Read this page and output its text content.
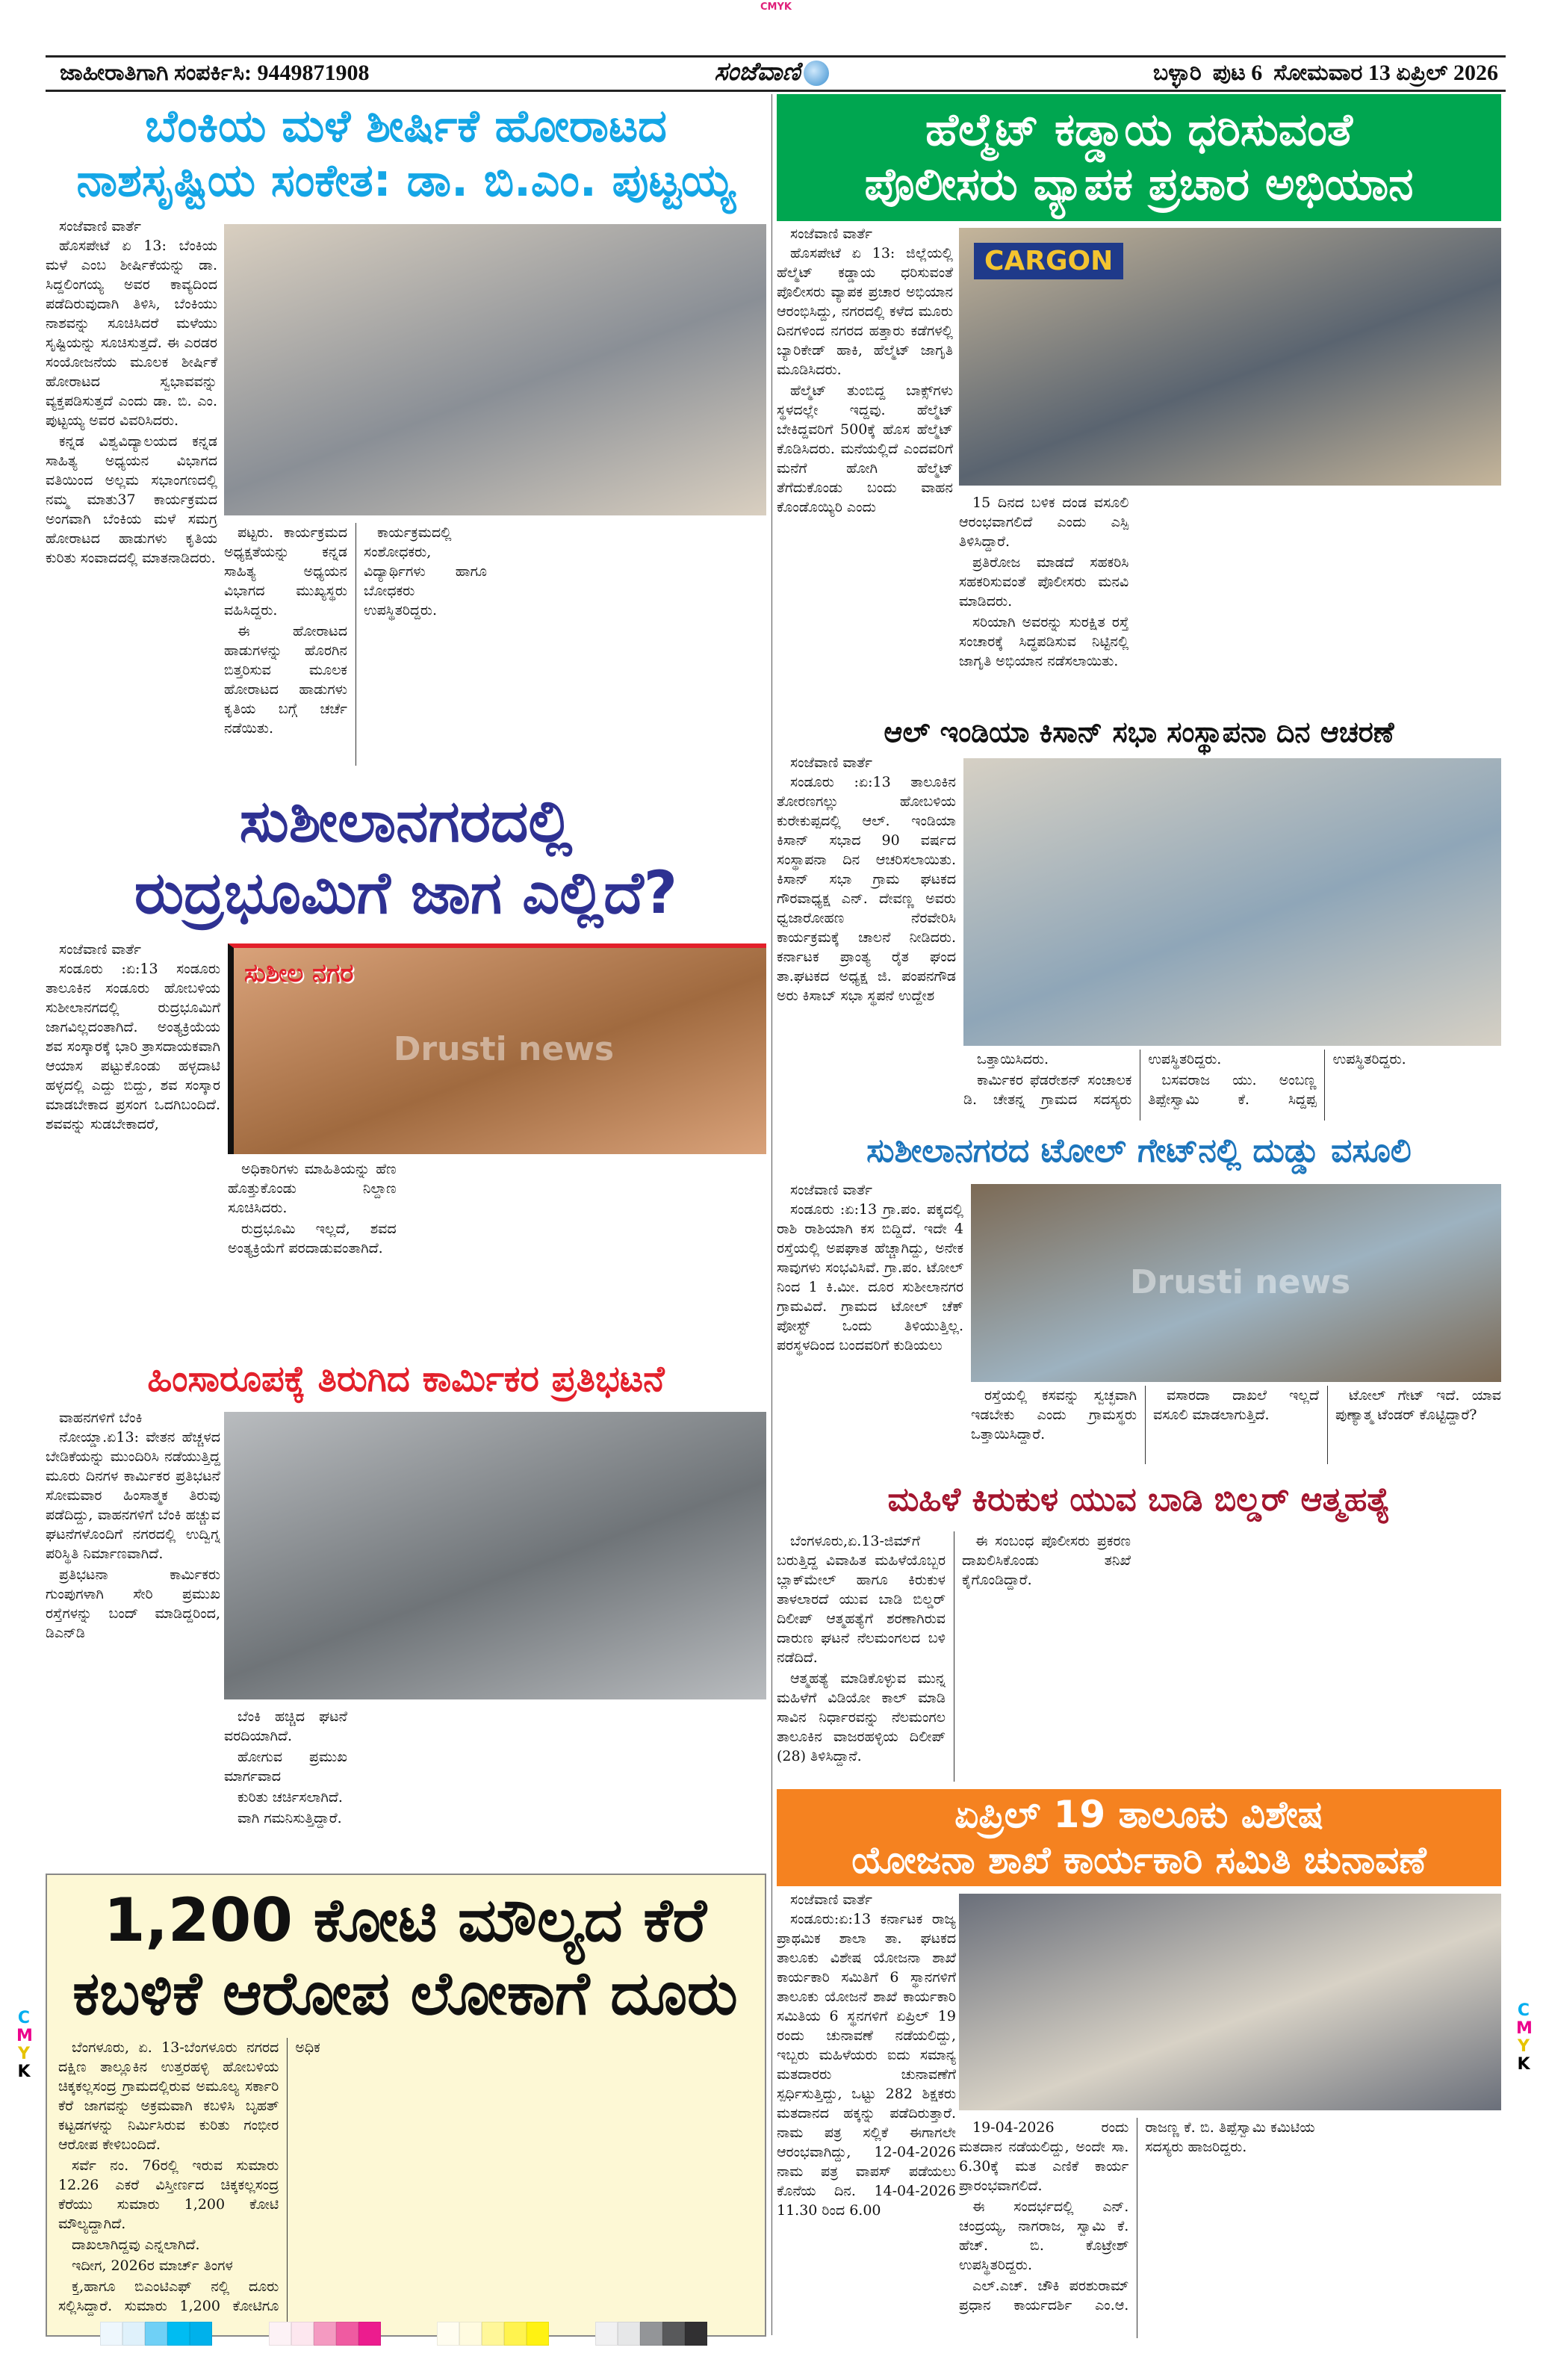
CMYK
C
M
Y
K
C
M
Y
K
ಜಾಹೀರಾತಿಗಾಗಿ ಸಂಪರ್ಕಿಸಿ: 9449871908	ಸಂಜೆವಾಣಿ	ಬಳ್ಳಾರಿ ಪುಟ 6 ಸೋಮವಾರ 13 ಏಪ್ರಿಲ್ 2026
ಬೆಂಕಿಯ ಮಳೆ ಶೀರ್ಷಿಕೆ ಹೋರಾಟದ
ನಾಶಸೃಷ್ಟಿಯ ಸಂಕೇತ: ಡಾ. ಬಿ.ಎಂ. ಪುಟ್ಟಯ್ಯ
ಸಂಜೆವಾಣಿ ವಾರ್ತೆ

ಹೊಸಪೇಟೆ ಏ 13: ಬೆಂಕಿಯ ಮಳೆ ಎಂಬ ಶೀರ್ಷಿಕೆಯನ್ನು ಡಾ. ಸಿದ್ದಲಿಂಗಯ್ಯ ಅವರ ಕಾವ್ಯದಿಂದ ಪಡೆದಿರುವುದಾಗಿ ತಿಳಿಸಿ, ಬೆಂಕಿಯು ನಾಶವನ್ನು ಸೂಚಿಸಿದರೆ ಮಳೆಯು ಸೃಷ್ಟಿಯನ್ನು ಸೂಚಿಸುತ್ತದೆ. ಈ ಎರಡರ ಸಂಯೋಜನೆಯ ಮೂಲಕ ಶೀರ್ಷಿಕೆ ಹೋರಾಟದ ಸ್ವಭಾವವನ್ನು ವ್ಯಕ್ತಪಡಿಸುತ್ತದೆ ಎಂದು ಡಾ. ಬಿ. ಎಂ. ಪುಟ್ಟಯ್ಯ ಅವರ ವಿವರಿಸಿದರು.

ಕನ್ನಡ ವಿಶ್ವವಿದ್ಯಾಲಯದ ಕನ್ನಡ ಸಾಹಿತ್ಯ ಅಧ್ಯಯನ ವಿಭಾಗದ ವತಿಯಿಂದ ಅಲ್ಲಮ ಸಭಾಂಗಣದಲ್ಲಿ ನಮ್ಮ ಮಾತು37 ಕಾರ್ಯಕ್ರಮದ ಅಂಗವಾಗಿ ಬೆಂಕಿಯ ಮಳೆ ಸಮಗ್ರ ಹೋರಾಟದ ಹಾಡುಗಳು ಕೃತಿಯ ಕುರಿತು ಸಂವಾದದಲ್ಲಿ ಮಾತನಾಡಿದರು.

ಪಟ್ಟರು. ಕಾರ್ಯಕ್ರಮದ ಅಧ್ಯಕ್ಷತೆಯನ್ನು ಕನ್ನಡ ಸಾಹಿತ್ಯ ಅಧ್ಯಯನ ವಿಭಾಗದ ಮುಖ್ಯಸ್ಥರು ವಹಿಸಿದ್ದರು.

ಈ ಹೋರಾಟದ ಹಾಡುಗಳನ್ನು ಹೊರಗಿನ ಬಿತ್ತರಿಸುವ ಮೂಲಕ ಹೋರಾಟದ ಹಾಡುಗಳು ಕೃತಿಯ ಬಗ್ಗೆ ಚರ್ಚೆ ನಡೆಯಿತು.

ಕಾರ್ಯಕ್ರಮದಲ್ಲಿ ಸಂಶೋಧಕರು, ವಿದ್ಯಾರ್ಥಿಗಳು ಹಾಗೂ ಬೋಧಕರು ಉಪಸ್ಥಿತರಿದ್ದರು.

ಸುಶೀಲಾನಗರದಲ್ಲಿ
ರುದ್ರಭೂಮಿಗೆ ಜಾಗ ಎಲ್ಲಿದೆ?
ಸುಶೀಲ ನಗರ
Drusti news
ಸಂಜೆವಾಣಿ ವಾರ್ತೆ

ಸಂಡೂರು :ಏ:13 ಸಂಡೂರು ತಾಲೂಕಿನ ಸಂಡೂರು ಹೋಬಳಿಯ ಸುಶೀಲಾನಗದಲ್ಲಿ ರುದ್ರಭೂಮಿಗೆ ಜಾಗವಿಲ್ಲದಂತಾಗಿದೆ. ಅಂತ್ಯಕ್ರಿಯೆಯ ಶವ ಸಂಸ್ಕಾರಕ್ಕೆ ಭಾರಿ ತ್ರಾಸದಾಯಕವಾಗಿ ಆಯಾಸ ಪಟ್ಟುಕೊಂಡು ಹಳ್ಳದಾಟಿ ಹಳ್ಳದಲ್ಲಿ ಎದ್ದು ಬಿದ್ದು, ಶವ ಸಂಸ್ಕಾರ ಮಾಡಬೇಕಾದ ಪ್ರಸಂಗ ಒದಗಿಬಂದಿದೆ. ಶವವನ್ನು ಸುಡಬೇಕಾದರೆ,

ಅಧಿಕಾರಿಗಳು ಮಾಹಿತಿಯನ್ನು ಹೆಣ ಹೊತ್ತುಕೊಂಡು ನಿಲ್ದಾಣ ಸೂಚಿಸಿದರು.

ರುದ್ರಭೂಮಿ ಇಲ್ಲದೆ, ಶವದ ಅಂತ್ಯಕ್ರಿಯೆಗೆ ಪರದಾಡುವಂತಾಗಿದೆ.

ಹಿಂಸಾರೂಪಕ್ಕೆ ತಿರುಗಿದ ಕಾರ್ಮಿಕರ ಪ್ರತಿಭಟನೆ
ವಾಹನಗಳಿಗೆ ಬೆಂಕಿ

ನೋಯ್ಡಾ.ಏ13: ವೇತನ ಹೆಚ್ಚಳದ ಬೇಡಿಕೆಯನ್ನು ಮುಂದಿರಿಸಿ ನಡೆಯುತ್ತಿದ್ದ ಮೂರು ದಿನಗಳ ಕಾರ್ಮಿಕರ ಪ್ರತಿಭಟನೆ ಸೋಮವಾರ ಹಿಂಸಾತ್ಮಕ ತಿರುವು ಪಡೆದಿದ್ದು, ವಾಹನಗಳಿಗೆ ಬೆಂಕಿ ಹಚ್ಚುವ ಘಟನೆಗಳೊಂದಿಗೆ ನಗರದಲ್ಲಿ ಉದ್ವಿಗ್ನ ಪರಿಸ್ಥಿತಿ ನಿರ್ಮಾಣವಾಗಿದೆ.

ಪ್ರತಿಭಟನಾ ಕಾರ್ಮಿಕರು ಗುಂಪುಗಳಾಗಿ ಸೇರಿ ಪ್ರಮುಖ ರಸ್ತೆಗಳನ್ನು ಬಂದ್ ಮಾಡಿದ್ದರಿಂದ, ಡಿಎನ್‌ಡಿ

ಬೆಂಕಿ ಹಚ್ಚಿದ ಘಟನೆ ವರದಿಯಾಗಿದೆ.

ಹೋಗುವ ಪ್ರಮುಖ ಮಾರ್ಗವಾದ

ಕುರಿತು ಚರ್ಚಿಸಲಾಗಿದೆ.

ವಾಗಿ ಗಮನಿಸುತ್ತಿದ್ದಾರೆ.

1,200 ಕೋಟಿ ಮೌಲ್ಯದ ಕೆರೆ
ಕಬಳಿಕೆ ಆರೋಪ ಲೋಕಾಗೆ ದೂರು

ಬೆಂಗಳೂರು, ಏ. 13-ಬೆಂಗಳೂರು ನಗರದ ದಕ್ಷಿಣ ತಾಲ್ಲೂಕಿನ ಉತ್ತರಹಳ್ಳಿ ಹೋಬಳಿಯ ಚಿಕ್ಕಕಲ್ಲಸಂದ್ರ ಗ್ರಾಮದಲ್ಲಿರುವ ಅಮೂಲ್ಯ ಸರ್ಕಾರಿ ಕೆರೆ ಜಾಗವನ್ನು ಅಕ್ರಮವಾಗಿ ಕಬಳಿಸಿ ಬೃಹತ್ ಕಟ್ಟಡಗಳನ್ನು ನಿರ್ಮಿಸಿರುವ ಕುರಿತು ಗಂಭೀರ ಆರೋಪ ಕೇಳಿಬಂದಿದೆ.

ಸರ್ವೆ ನಂ. 76ರಲ್ಲಿ ಇರುವ ಸುಮಾರು 12.26 ಎಕರೆ ವಿಸ್ತೀರ್ಣದ ಚಿಕ್ಕಕಲ್ಲಸಂದ್ರ ಕೆರೆಯು ಸುಮಾರು 1,200 ಕೋಟಿ ಮೌಲ್ಯದ್ದಾಗಿದೆ.

ದಾಖಲಾಗಿದ್ದವು ಎನ್ನಲಾಗಿದೆ.

ಇದೀಗ, 2026ರ ಮಾರ್ಚ್ ತಿಂಗಳ

ಕ್ತ,ಹಾಗೂ ಬಿಎಂಟಿಎಫ್ ನಲ್ಲಿ ದೂರು ಸಲ್ಲಿಸಿದ್ದಾರೆ. ಸುಮಾರು 1,200 ಕೋಟಿಗೂ ಅಧಿಕ

ಹೆಲ್ಮೆಟ್ ಕಡ್ಡಾಯ ಧರಿಸುವಂತೆ
ಪೊಲೀಸರು ವ್ಯಾಪಕ ಪ್ರಚಾರ ಅಭಿಯಾನ
CARGON
ಸಂಜೆವಾಣಿ ವಾರ್ತೆ

ಹೊಸಪೇಟೆ ಏ 13: ಜಿಲ್ಲೆಯಲ್ಲಿ ಹೆಲ್ಮೆಟ್ ಕಡ್ಡಾಯ ಧರಿಸುವಂತೆ ಪೊಲೀಸರು ವ್ಯಾಪಕ ಪ್ರಚಾರ ಅಭಿಯಾನ ಆರಂಭಿಸಿದ್ದು, ನಗರದಲ್ಲಿ ಕಳೆದ ಮೂರು ದಿನಗಳಿಂದ ನಗರದ ಹತ್ತಾರು ಕಡೆಗಳಲ್ಲಿ ಬ್ಯಾರಿಕೇಡ್ ಹಾಕಿ, ಹೆಲ್ಮೆಟ್ ಜಾಗೃತಿ ಮೂಡಿಸಿದರು.

ಹೆಲ್ಮೆಟ್ ತುಂಬಿದ್ದ ಬಾಕ್ಸ್‌ಗಳು ಸ್ಥಳದಲ್ಲೇ ಇದ್ದವು. ಹೆಲ್ಮೆಟ್ ಬೇಕಿದ್ದವರಿಗೆ 500ಕ್ಕೆ ಹೊಸ ಹೆಲ್ಮೆಟ್ ಕೊಡಿಸಿದರು. ಮನೆಯಲ್ಲಿದೆ ಎಂದವರಿಗೆ ಮನೆಗೆ ಹೋಗಿ ಹೆಲ್ಮೆಟ್ ತೆಗೆದುಕೊಂಡು ಬಂದು ವಾಹನ ಕೊಂಡೊಯ್ಯಿರಿ ಎಂದು	15 ದಿನದ ಬಳಿಕ ದಂಡ ವಸೂಲಿ ಆರಂಭವಾಗಲಿದೆ ಎಂದು ಎಸ್ಪಿ ತಿಳಿಸಿದ್ದಾರೆ.

ಪ್ರತಿರೋಜ ಮಾಡದೆ ಸಹಕರಿಸಿ ಸಹಕರಿಸುವಂತೆ ಪೊಲೀಸರು ಮನವಿ ಮಾಡಿದರು.

ಸರಿಯಾಗಿ ಅವರನ್ನು ಸುರಕ್ಷಿತ ರಸ್ತೆ ಸಂಚಾರಕ್ಕೆ ಸಿದ್ಧಪಡಿಸುವ ನಿಟ್ಟಿನಲ್ಲಿ ಜಾಗೃತಿ ಅಭಿಯಾನ ನಡೆಸಲಾಯಿತು.

ಆಲ್ ಇಂಡಿಯಾ ಕಿಸಾನ್ ಸಭಾ ಸಂಸ್ಥಾಪನಾ ದಿನ ಆಚರಣೆ
ಸಂಜೆವಾಣಿ ವಾರ್ತೆ

ಸಂಡೂರು :ಏ:13 ತಾಲೂಕಿನ ತೋರಣಗಲ್ಲು ಹೋಬಳಿಯ ಕುರೇಕುಪ್ಪದಲ್ಲಿ ಆಲ್. ಇಂಡಿಯಾ ಕಿಸಾನ್ ಸಭಾದ 90 ವರ್ಷದ ಸಂಸ್ಥಾಪನಾ ದಿನ ಆಚರಿಸಲಾಯಿತು. ಕಿಸಾನ್ ಸಭಾ ಗ್ರಾಮ ಘಟಕದ ಗೌರವಾಧ್ಯಕ್ಷ ಎನ್. ದೇವಣ್ಣ ಅವರು ಧ್ವಜಾರೋಹಣ ನೆರವೇರಿಸಿ ಕಾರ್ಯಕ್ರಮಕ್ಕೆ ಚಾಲನೆ ನೀಡಿದರು. ಕರ್ನಾಟಕ ಪ್ರಾಂತ್ಯ ರೈತ ಘಂದ ತಾ.ಘಟಕದ ಅಧ್ಯಕ್ಷ ಜಿ. ಪಂಪನಗೌಡ ಅರು ಕಿಸಾಬ್ ಸಭಾ ಸ್ಥಪನೆ ಉದ್ದೇಶ

ಒತ್ತಾಯಿಸಿದರು.

ಕಾರ್ಮಿಕರ ಫೆಡರೇಶನ್ ಸಂಚಾಲಕ ಡಿ. ಚೇತನ್ನ ಗ್ರಾಮದ ಸದಸ್ಯರು ಉಪಸ್ಥಿತರಿದ್ದರು.

ಬಸವರಾಜ ಯು. ಅಂಬಣ್ಣ ತಿಪ್ಪೇಸ್ವಾಮಿ ಕೆ. ಸಿದ್ದಪ್ಪ ಉಪಸ್ಥಿತರಿದ್ದರು.

ಸುಶೀಲಾನಗರದ ಟೋಲ್ ಗೇಟ್‌ನಲ್ಲಿ ದುಡ್ಡು ವಸೂಲಿ
Drusti news
ಸಂಜೆವಾಣಿ ವಾರ್ತೆ

ಸಂಡೂರು :ಏ:13 ಗ್ರಾ.ಪಂ. ಪಕ್ಕದಲ್ಲಿ ರಾಶಿ ರಾಶಿಯಾಗಿ ಕಸ ಬಿದ್ದಿದೆ. ಇದೇ 4 ರಸ್ತೆಯಲ್ಲಿ ಅಪಘಾತ ಹೆಚ್ಚಾಗಿದ್ದು, ಅನೇಕ ಸಾವುಗಳು ಸಂಭವಿಸಿವೆ. ಗ್ರಾ.ಪಂ. ಟೋಲ್ ನಿಂದ 1 ಕಿ.ಮೀ. ದೂರ ಸುಶೀಲಾನಗರ ಗ್ರಾಮವಿದೆ. ಗ್ರಾಮದ ಟೋಲ್ ಚೆಕ್ ಪೋಸ್ಟ್ ಒಂದು ತಿಳಿಯುತ್ತಿಲ್ಲ. ಪರಸ್ಥಳದಿಂದ ಬಂದವರಿಗೆ ಕುಡಿಯಲು

ರಸ್ತೆಯಲ್ಲಿ ಕಸವನ್ನು ಸ್ವಚ್ಛವಾಗಿ ಇಡಬೇಕು ಎಂದು ಗ್ರಾಮಸ್ಥರು ಒತ್ತಾಯಿಸಿದ್ದಾರೆ.

ವಸಾರದಾ ದಾಖಲೆ ಇಲ್ಲದೆ ವಸೂಲಿ ಮಾಡಲಾಗುತ್ತಿದೆ.

ಟೋಲ್ ಗೇಟ್ ಇದೆ. ಯಾವ ಪುಣ್ಯಾತ್ಮ ಟೆಂಡರ್ ಕೊಟ್ಟಿದ್ದಾರೆ?

ಮಹಿಳೆ ಕಿರುಕುಳ ಯುವ ಬಾಡಿ ಬಿಲ್ಡರ್ ಆತ್ಮಹತ್ಯೆ

ಬೆಂಗಳೂರು,ಏ.13-ಜಿಮ್‌ಗೆ ಬರುತ್ತಿದ್ದ ವಿವಾಹಿತ ಮಹಿಳೆಯೊಬ್ಬರ ಬ್ಲಾಕ್‌ಮೇಲ್ ಹಾಗೂ ಕಿರುಕುಳ ತಾಳಲಾರದೆ ಯುವ ಬಾಡಿ ಬಿಲ್ಡರ್ ದಿಲೀಪ್ ಆತ್ಮಹತ್ಯೆಗೆ ಶರಣಾಗಿರುವ ದಾರುಣ ಘಟನೆ ನೆಲಮಂಗಲದ ಬಳಿ ನಡೆದಿದೆ.

ಆತ್ಮಹತ್ಯೆ ಮಾಡಿಕೊಳ್ಳುವ ಮುನ್ನ ಮಹಿಳೆಗೆ ವಿಡಿಯೋ ಕಾಲ್ ಮಾಡಿ ಸಾವಿನ ನಿರ್ಧಾರವನ್ನು ನೆಲಮಂಗಲ ತಾಲೂಕಿನ ವಾಜರಹಳ್ಳಿಯ ದಿಲೀಪ್ (28) ತಿಳಿಸಿದ್ದಾನೆ.

ಈ ಸಂಬಂಧ ಪೊಲೀಸರು ಪ್ರಕರಣ ದಾಖಲಿಸಿಕೊಂಡು ತನಿಖೆ ಕೈಗೊಂಡಿದ್ದಾರೆ.

ಏಪ್ರಿಲ್ 19 ತಾಲೂಕು ವಿಶೇಷ
ಯೋಜನಾ ಶಾಖೆ ಕಾರ್ಯಕಾರಿ ಸಮಿತಿ ಚುನಾವಣೆ
ಸಂಜೆವಾಣಿ ವಾರ್ತೆ

ಸಂಡೂರು:ಏ:13 ಕರ್ನಾಟಕ ರಾಜ್ಯ ಪ್ರಾಥಮಿಕ ಶಾಲಾ ತಾ. ಘಟಕದ ತಾಲೂಕು ವಿಶೇಷ ಯೋಜನಾ ಶಾಖೆ ಕಾರ್ಯಕಾರಿ ಸಮಿತಿಗೆ 6 ಸ್ಥಾನಗಳಿಗೆ ತಾಲೂಕು ಯೋಜನೆ ಶಾಖೆ ಕಾರ್ಯಕಾರಿ ಸಮಿತಿಯ 6 ಸ್ಥನಗಳಿಗೆ ಏಪ್ರಿಲ್ 19 ರಂದು ಚುನಾವಣೆ ನಡೆಯಲಿದ್ದು, ಇಬ್ಬರು ಮಹಿಳೆಯರು ಐದು ಸಮಾನ್ಯ ಮತದಾರರು ಚುನಾವಣೆಗೆ ಸ್ಪರ್ಧಿಸುತ್ತಿದ್ದು, ಒಟ್ಟು 282 ಶಿಕ್ಷಕರು ಮತದಾನದ ಹಕ್ಕನ್ನು ಪಡೆದಿರುತ್ತಾರೆ. ನಾಮ ಪತ್ರ ಸಲ್ಲಿಕೆ ಈಗಾಗಲೇ ಆರಂಭವಾಗಿದ್ದು, 12-04-2026 ನಾಮ ಪತ್ರ ವಾಪಸ್ ಪಡೆಯಲು ಕೊನೆಯ ದಿನ. 14-04-2026 11.30 ರಿಂದ 6.00

19-04-2026 ರಂದು ಮತದಾನ ನಡೆಯಲಿದ್ದು, ಅಂದೇ ಸಾ. 6.30ಕ್ಕೆ ಮತ ಎಣಿಕೆ ಕಾರ್ಯ ಪ್ರಾರಂಭವಾಗಲಿದೆ.

ಈ ಸಂದರ್ಭದಲ್ಲಿ ಎನ್. ಚಂದ್ರಯ್ಯ, ನಾಗರಾಜ, ಸ್ವಾಮಿ ಕೆ. ಹೆಚ್. ಬಿ. ಕೊಟ್ರೇಶ್ ಉಪಸ್ಥಿತರಿದ್ದರು.

ಎಲ್.ಎಚ್. ಚೌಕಿ ಪರಶುರಾಮ್ ಪ್ರಧಾನ ಕಾರ್ಯದರ್ಶಿ ಎಂ.ಆ. ರಾಜಣ್ಣ ಕೆ. ಬಿ. ತಿಪ್ಪೆಸ್ವಾಮಿ ಕಮಿಟಿಯ ಸದಸ್ಯರು ಹಾಜರಿದ್ದರು.
